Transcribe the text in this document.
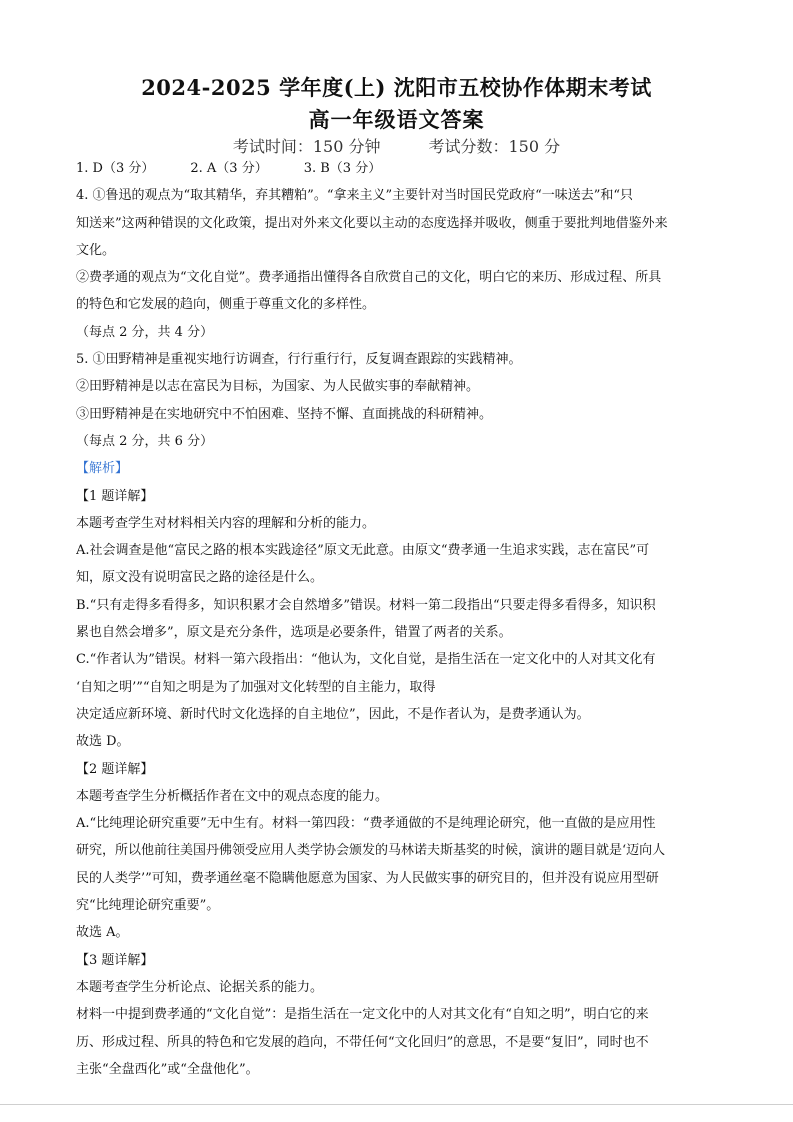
2024-2025 学年度(上) 沈阳市五校协作体期末考试
高一年级语文答案
考试时间：150 分钟	考试分数：150 分
1. D（3 分）	2. A（3 分）	3. B（3 分）
4. ①鲁迅的观点为“取其精华，弃其糟粕”。“拿来主义”主要针对当时国民党政府“一味送去”和“只
知送来”这两种错误的文化政策，提出对外来文化要以主动的态度选择并吸收，侧重于要批判地借鉴外来
文化。
②费孝通的观点为“文化自觉”。费孝通指出懂得各自欣赏自己的文化，明白它的来历、形成过程、所具
的特色和它发展的趋向，侧重于尊重文化的多样性。
（每点 2 分，共 4 分）
5. ①田野精神是重视实地行访调查，行行重行行，反复调查跟踪的实践精神。
②田野精神是以志在富民为目标，为国家、为人民做实事的奉献精神。
③田野精神是在实地研究中不怕困难、坚持不懈、直面挑战的科研精神。
（每点 2 分，共 6 分）
【解析】
【1 题详解】
本题考查学生对材料相关内容的理解和分析的能力。
A.社会调查是他“富民之路的根本实践途径”原文无此意。由原文“费孝通一生追求实践，志在富民”可
知，原文没有说明富民之路的途径是什么。
B.“只有走得多看得多，知识积累才会自然增多”错误。材料一第二段指出“只要走得多看得多，知识积
累也自然会增多”，原文是充分条件，选项是必要条件，错置了两者的关系。
C.“作者认为”错误。材料一第六段指出：“他认为，文化自觉，是指生活在一定文化中的人对其文化有
‘自知之明’”“自知之明是为了加强对文化转型的自主能力，取得
决定适应新环境、新时代时文化选择的自主地位”，因此，不是作者认为，是费孝通认为。
故选 D。
【2 题详解】
本题考查学生分析概括作者在文中的观点态度的能力。
A.“比纯理论研究重要”无中生有。材料一第四段：“费孝通做的不是纯理论研究，他一直做的是应用性
研究，所以他前往美国丹佛领受应用人类学协会颁发的马林诺夫斯基奖的时候，演讲的题目就是‘迈向人
民的人类学’”可知，费孝通丝毫不隐瞒他愿意为国家、为人民做实事的研究目的，但并没有说应用型研
究“比纯理论研究重要”。
故选 A。
【3 题详解】
本题考查学生分析论点、论据关系的能力。
材料一中提到费孝通的“文化自觉”：是指生活在一定文化中的人对其文化有“自知之明”，明白它的来
历、形成过程、所具的特色和它发展的趋向，不带任何“文化回归”的意思，不是要“复旧”，同时也不
主张“全盘西化”或“全盘他化”。
